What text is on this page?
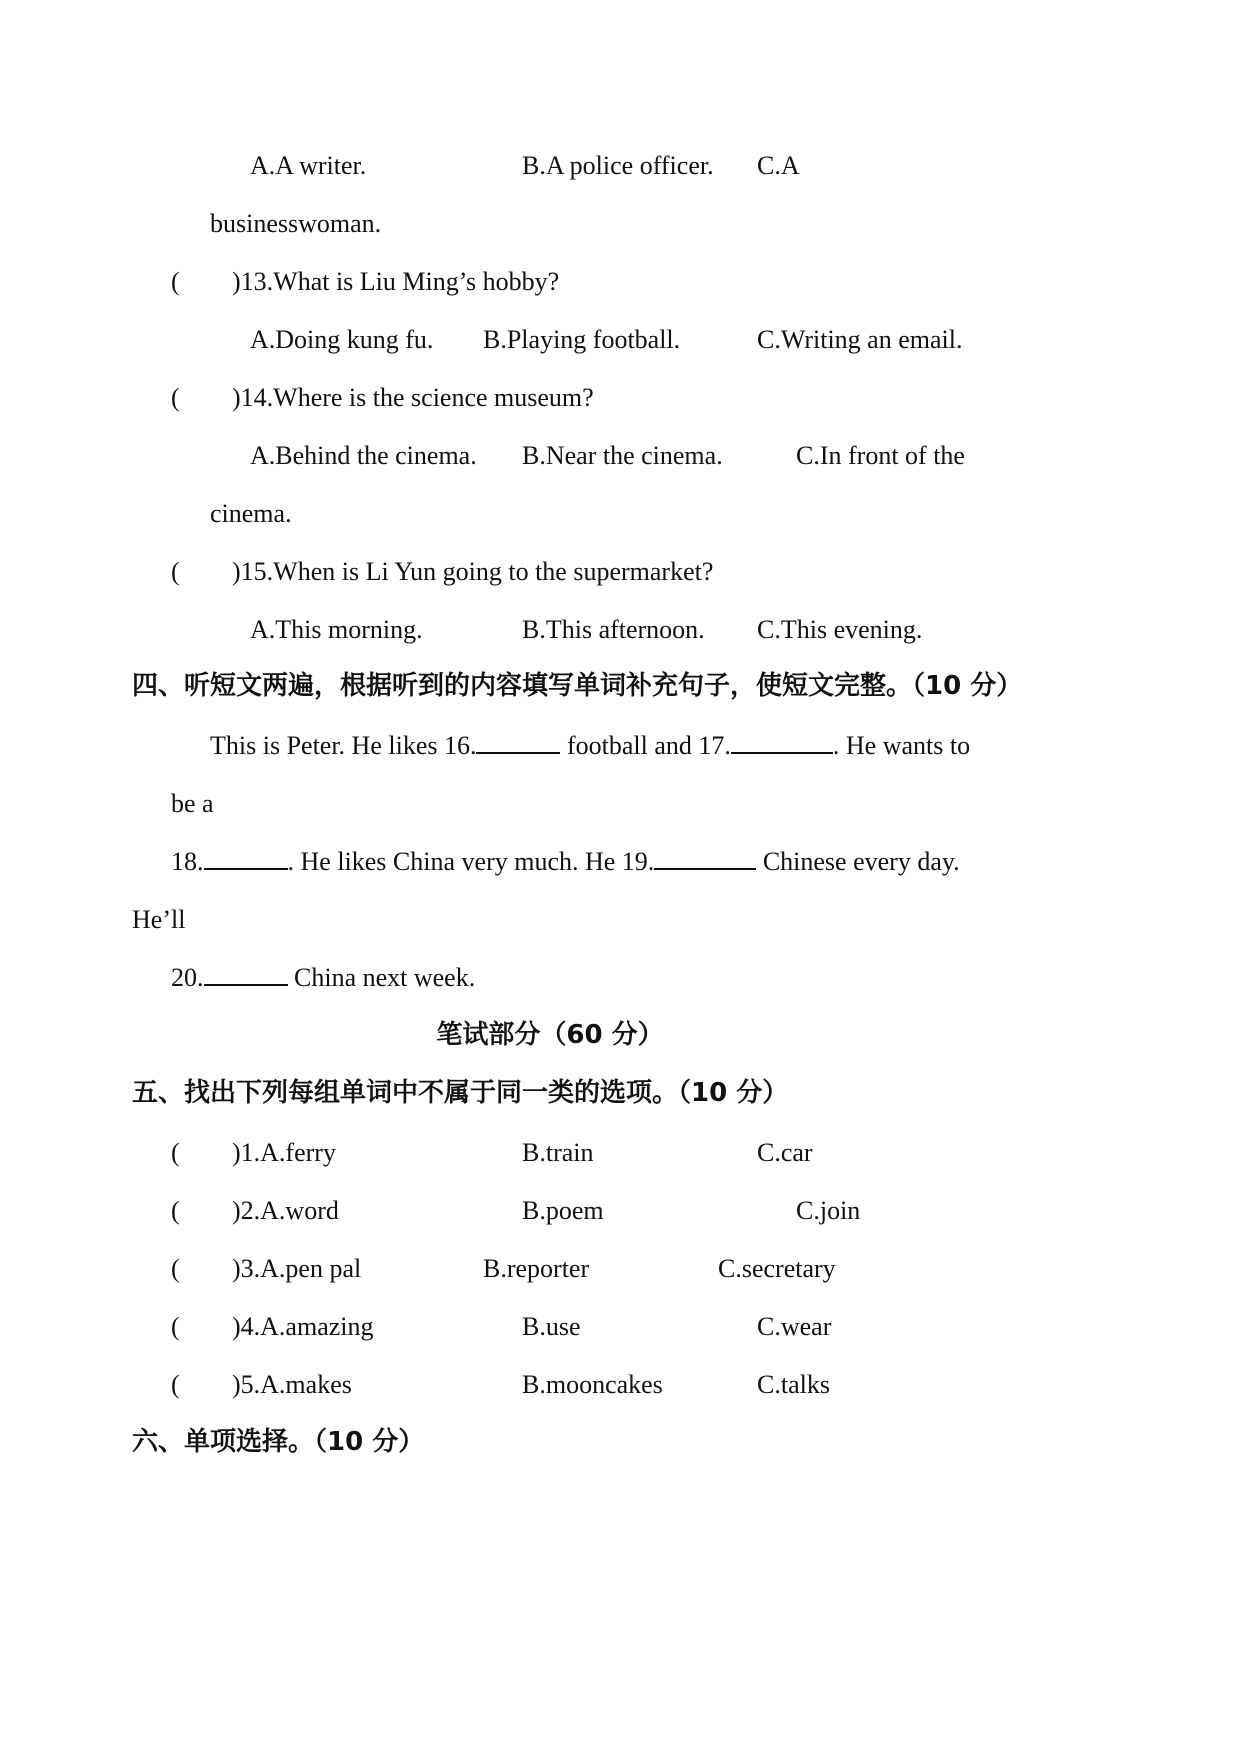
A.A writer.	B.A police officer. C.A
businesswoman.
( )13.What is Liu Ming’s hobby?
A.Doing kung fu. B.Playing football.	C.Writing an email.
( )14.Where is the science museum?
A.Behind the cinema. B.Near the cinema.	C.In front of the
cinema.
( )15.When is Li Yun going to the supermarket?
A.This morning.	B.This afternoon. C.This evening.
四、听短文两遍，根据听到的内容填写单词补充句子，使短文完整。（10 分）
This is Peter. He likes 16.	football and 17.	. He wants to
be a
18.	. He likes China very much. He 19.	Chinese every day.
He’ll
20.	China next week.
笔试部分（60 分）
五、找出下列每组单词中不属于同一类的选项。（10 分）
( )1.A.ferry	B.train	C.car
( )2.A.word	B.poem	C.join
( )3.A.pen pal	B.reporter	C.secretary
( )4.A.amazing	B.use	C.wear
( )5.A.makes	B.mooncakes	C.talks
六、单项选择。（10 分）
